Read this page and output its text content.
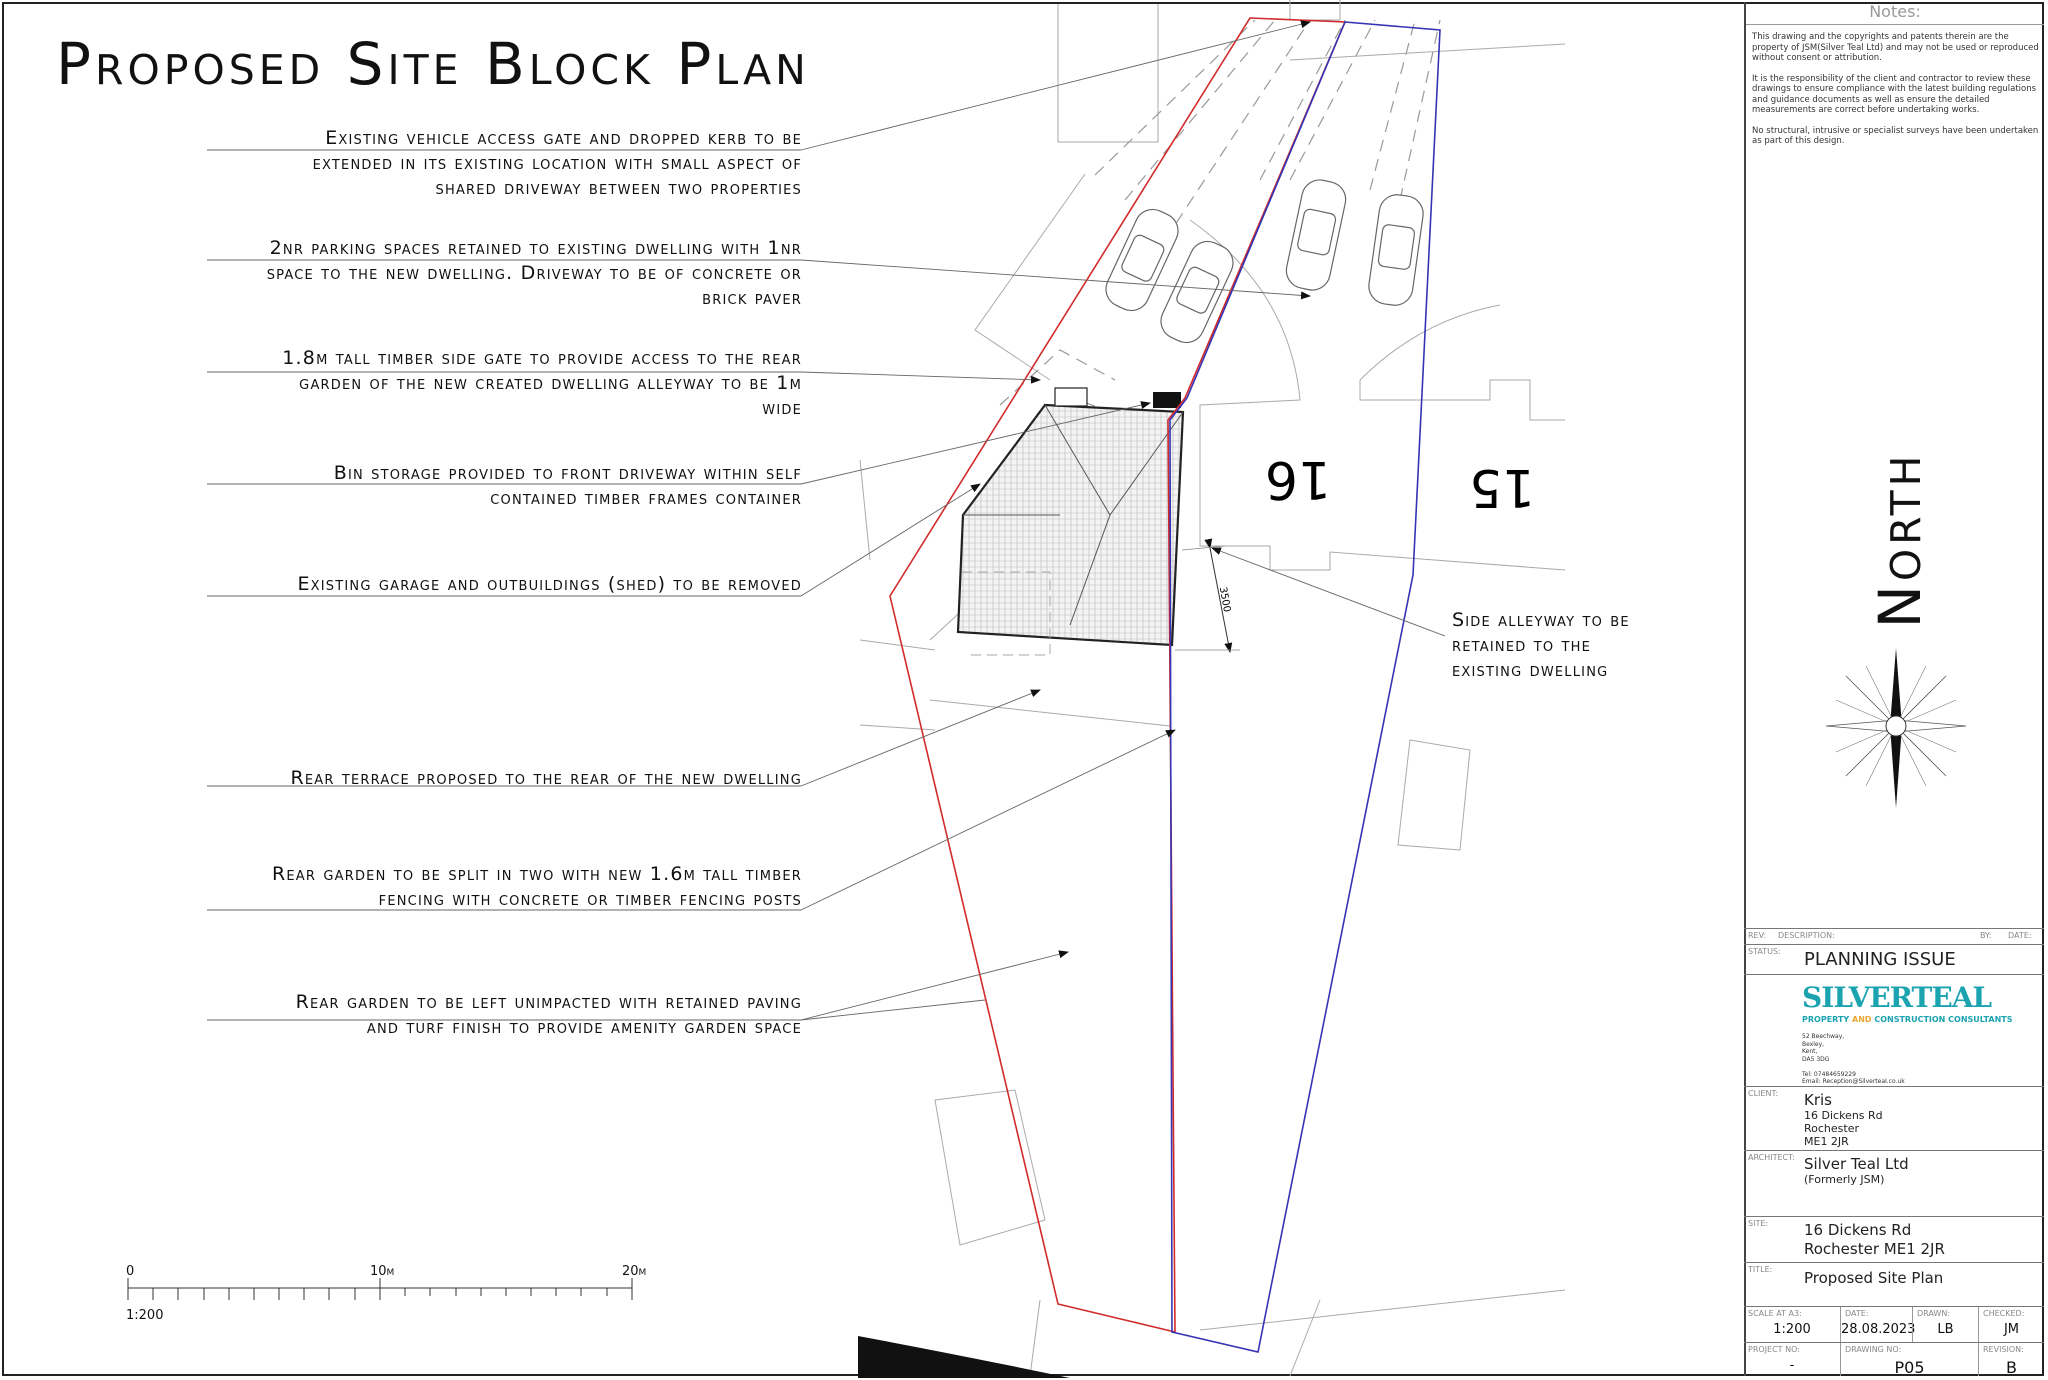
Proposed Site Block Plan
16	15
3500
Existing vehicle access gate and dropped kerb to be
extended in its existing location with small aspect of
shared driveway between two properties
2nr parking spaces retained to existing dwelling with 1nr
space to the new dwelling. Driveway to be of concrete or
brick paver
1.8m tall timber side gate to provide access to the rear
garden of the new created dwelling alleyway to be 1m
wide
Bin storage provided to front driveway within self
contained timber frames container
Existing garage and outbuildings (shed) to be removed
Rear terrace proposed to the rear of the new dwelling
Rear garden to be split in two with new 1.6m tall timber
fencing with concrete or timber fencing posts
Rear garden to be left unimpacted with retained paving
and turf finish to provide amenity garden space
Side alleyway to be
retained to the
existing dwelling
0	10m	20m
1:200
Notes:

This drawing and the copyrights and patents therein are the property of JSM(Silver Teal Ltd) and may not be used or reproduced without consent or attribution.

It is the responsibility of the client and contractor to review these drawings to ensure compliance with the latest building regulations and guidance documents as well as ensure the detailed measurements are correct before undertaking works.

No structural, intrusive or specialist surveys have been undertaken as part of this design.

North
REV: DESCRIPTION:	BY: DATE:
STATUS: PLANNING ISSUE
SILVERTEAL
PROPERTY AND CONSTRUCTION CONSULTANTS
52 Beechway,
Bexley,
Kent,
DA5 3DG

Tel: 07484659229
Email: Reception@SilverteaI.co.uk
CLIENT: Kris
16 Dickens Rd
Rochester
ME1 2JR
ARCHITECT: Silver Teal Ltd
(Formerly JSM)
SITE: 16 Dickens Rd
Rochester ME1 2JR
TITLE: Proposed Site Plan
SCALE AT A3:
1:200
DATE:
28.08.2023
DRAWN:
LB
CHECKED:
JM
PROJECT NO:
-
DRAWING NO:
P05
REVISION:
B
